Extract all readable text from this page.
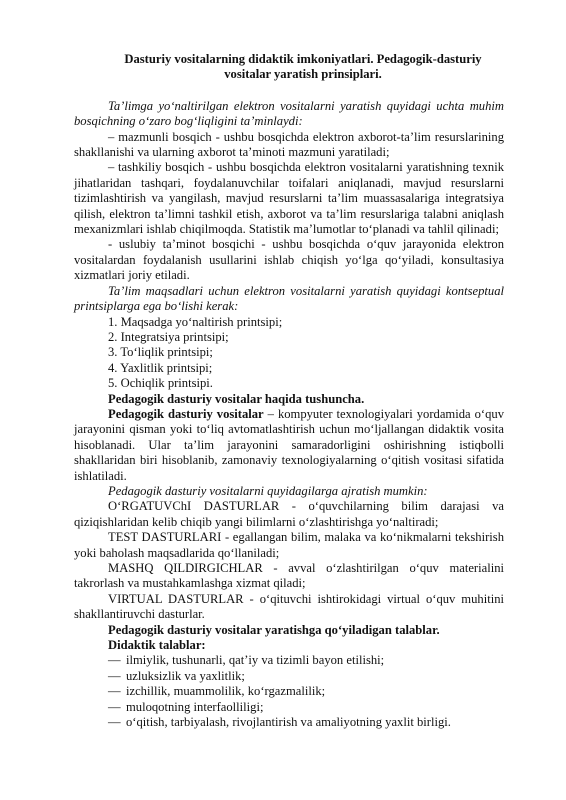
Dasturiy vositalarning didaktik imkoniyatlari. Pedagogik-dasturiy
vositalar yaratish prinsiplari.

Ta’limga yo‘naltirilgan elektron vositalarni yaratish quyidagi uchta muhim bosqichning o‘zaro bog‘liqligini ta’minlaydi:

– mazmunli bosqich - ushbu bosqichda elektron axborot-ta’lim resurslarining shakllanishi va ularning axborot ta’minoti mazmuni yaratiladi;

– tashkiliy bosqich - ushbu bosqichda elektron vositalarni yaratishning texnik jihatlaridan tashqari, foydalanuvchilar toifalari aniqlanadi, mavjud resurslarni tizimlashtirish va yangilash, mavjud resurslarni ta’lim muassasalariga integratsiya qilish, elektron ta’limni tashkil etish, axborot va ta’lim resurslariga talabni aniqlash mexanizmlari ishlab chiqilmoqda. Statistik ma’lumotlar to‘planadi va tahlil qilinadi;

- uslubiy ta’minot bosqichi - ushbu bosqichda o‘quv jarayonida elektron vositalardan foydalanish usullarini ishlab chiqish yo‘lga qo‘yiladi, konsultasiya xizmatlari joriy etiladi.

Ta’lim maqsadlari uchun elektron vositalarni yaratish quyidagi kontseptual printsiplarga ega bo‘lishi kerak:

1. Maqsadga yo‘naltirish printsipi;

2. Integratsiya printsipi;

3. To‘liqlik printsipi;

4. Yaxlitlik printsipi;

5. Ochiqlik printsipi.

Pedagogik dasturiy vositalar haqida tushuncha.

Pedagogik dasturiy vositalar – kompyuter texnologiyalari yordamida o‘quv jarayonini qisman yoki to‘liq avtomatlashtirish uchun mo‘ljallangan didaktik vosita hisoblanadi. Ular ta’lim jarayonini samaradorligini oshirishning istiqbolli shakllaridan biri hisoblanib, zamonaviy texnologiyalarning o‘qitish vositasi sifatida ishlatiladi.

Pedagogik dasturiy vositalarni quyidagilarga ajratish mumkin:

O‘RGATUVChI DASTURLAR - o‘quvchilarning bilim darajasi va qiziqishlaridan kelib chiqib yangi bilimlarni o‘zlashtirishga yo‘naltiradi;

TEST DASTURLARI - egallangan bilim, malaka va ko‘nikmalarni tekshirish yoki baholash maqsadlarida qo‘llaniladi;

MASHQ QILDIRGICHLAR - avval o‘zlashtirilgan o‘quv materialini takrorlash va mustahkamlashga xizmat qiladi;

VIRTUAL DASTURLAR - o‘qituvchi ishtirokidagi virtual o‘quv muhitini shakllantiruvchi dasturlar.

Pedagogik dasturiy vositalar yaratishga qo‘yiladigan talablar.

Didaktik talablar:

— ilmiylik, tushunarli, qat’iy va tizimli bayon etilishi;
— uzluksizlik va yaxlitlik;
— izchillik, muammolilik, ko‘rgazmalilik;
— muloqotning interfaolliligi;
— o‘qitish, tarbiyalash, rivojlantirish va amaliyotning yaxlit birligi.
